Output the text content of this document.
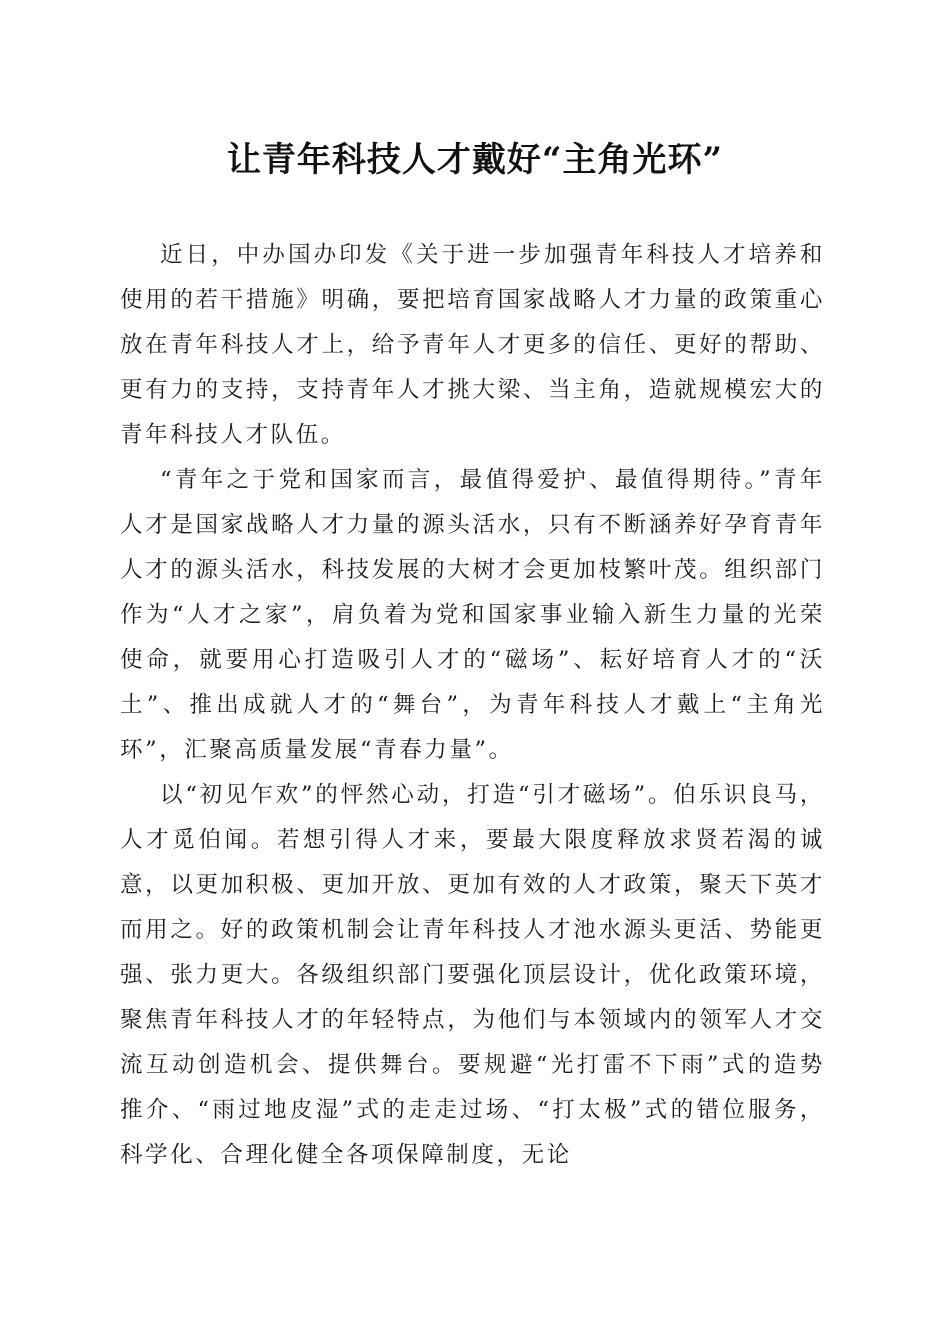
让青年科技人才戴好“主角光环”

近日，中办国办印发《关于进一步加强青年科技人才培养和使用的若干措施》明确，要把培育国家战略人才力量的政策重心放在青年科技人才上，给予青年人才更多的信任、更好的帮助、更有力的支持，支持青年人才挑大梁、当主角，造就规模宏大的青年科技人才队伍。

“青年之于党和国家而言，最值得爱护、最值得期待。”青年人才是国家战略人才力量的源头活水，只有不断涵养好孕育青年人才的源头活水，科技发展的大树才会更加枝繁叶茂。组织部门作为“人才之家”，肩负着为党和国家事业输入新生力量的光荣使命，就要用心打造吸引人才的“磁场”、耘好培育人才的“沃土”、推出成就人才的“舞台”，为青年科技人才戴上“主角光环”，汇聚高质量发展“青春力量”。

以“初见乍欢”的怦然心动，打造“引才磁场”。伯乐识良马，人才觅伯闻。若想引得人才来，要最大限度释放求贤若渴的诚意，以更加积极、更加开放、更加有效的人才政策，聚天下英才而用之。好的政策机制会让青年科技人才池水源头更活、势能更强、张力更大。各级组织部门要强化顶层设计，优化政策环境，聚焦青年科技人才的年轻特点，为他们与本领域内的领军人才交流互动创造机会、提供舞台。要规避“光打雷不下雨”式的造势推介、“雨过地皮湿”式的走走过场、“打太极”式的错位服务，科学化、合理化健全各项保障制度，无论
